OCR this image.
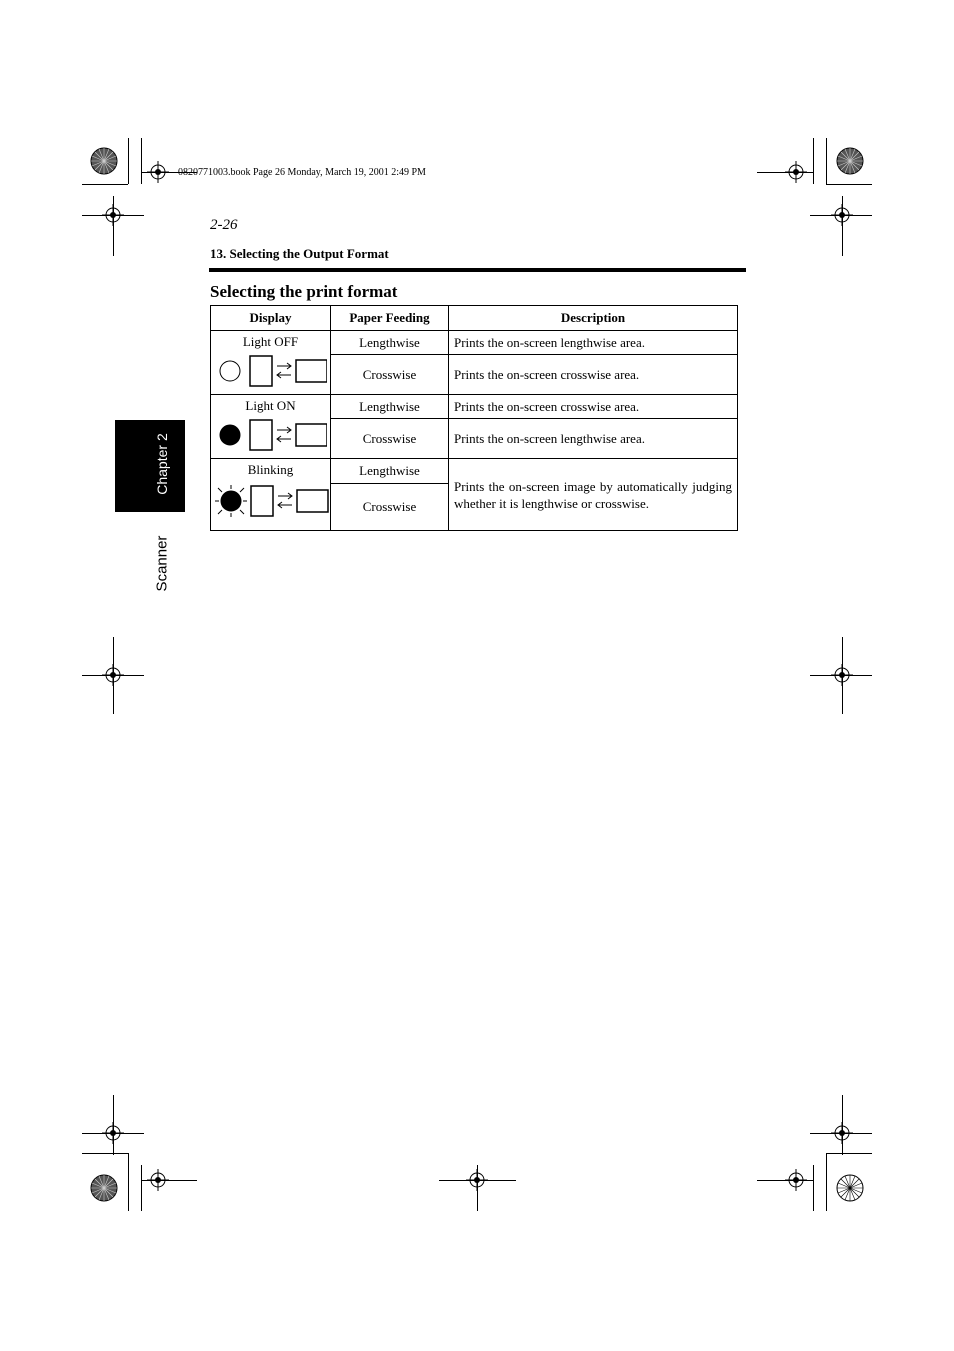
0820771003.book Page 26 Monday, March 19, 2001 2:49 PM
2-26
13. Selecting the Output Format
Selecting the print format
Chapter 2
Scanner
Display	Paper Feeding	Description

Light OFF	Lengthwise	Prints the on-screen lengthwise area.
	Crosswise	Prints the on-screen crosswise area.

Light ON	Lengthwise	Prints the on-screen crosswise area.
	Crosswise	Prints the on-screen lengthwise area.

Blinking	Lengthwise	Prints the on-screen image by automatically judging whether it is lengthwise or crosswise.
	Crosswise	
